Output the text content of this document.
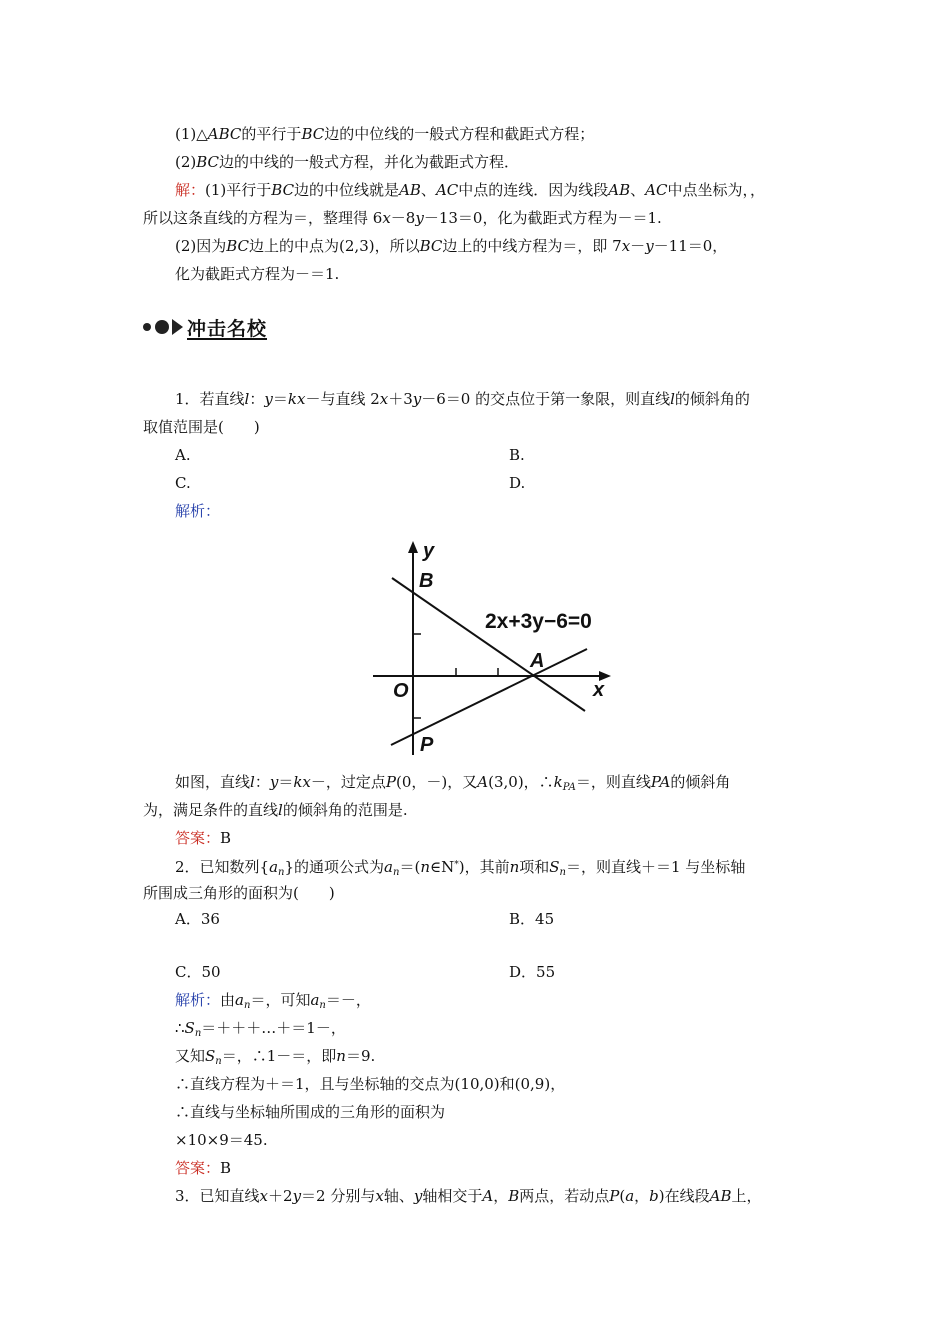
(1)△ABC的平行于BC边的中位线的一般式方程和截距式方程；
(2)BC边的中线的一般式方程，并化为截距式方程．
解：(1)平行于BC边的中位线就是AB、AC中点的连线．因为线段AB、AC中点坐标为，，
所以这条直线的方程为＝，整理得 6x－8y－13＝0，化为截距式方程为－＝1.
(2)因为BC边上的中点为(2,3)，所以BC边上的中线方程为＝，即 7x－y－11＝0，
化为截距式方程为－＝1.
冲击名校
1．若直线l：y＝kx－与直线 2x＋3y－6＝0 的交点位于第一象限，则直线l的倾斜角的
取值范围是(　　)
A.	B.
C.	D.
解析：
y
x
O
B
A
P
2x+3y−6=0
如图，直线l：y＝kx－，过定点P(0，－)，又A(3,0)，$\therefore k_{PA}=$，则直线PA的倾斜角
为，满足条件的直线l的倾斜角的范围是.
答案：B
2．已知数列$\{a_n\}$的通项公式为$a_n=(n\in N^*)$，其前n项和$S_n=$，则直线＋＝1 与坐标轴
所围成三角形的面积为(　　)
A．36	B．45
C．50	D．55
解析：由$a_n=$，可知$a_n=-$，
$\therefore S_n=+++\dots+=1-$，
又知$S_n=$，∴1－＝，即n＝9.
∴直线方程为＋＝1，且与坐标轴的交点为(10,0)和(0,9)，
∴直线与坐标轴所围成的三角形的面积为
×10×9＝45.
答案：B
3．已知直线x＋2y＝2 分别与x轴、y轴相交于A，B两点，若动点P(a，b)在线段AB上，
